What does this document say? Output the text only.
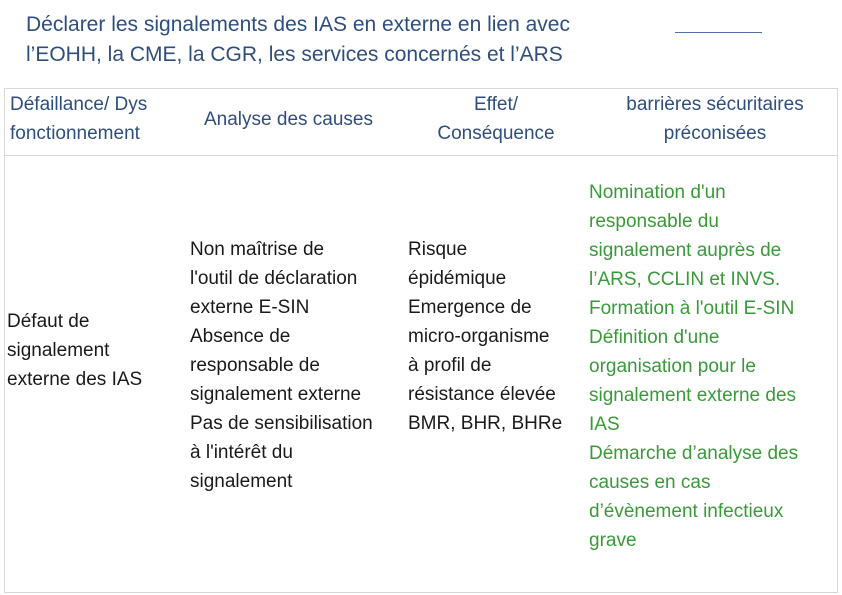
Déclarer les signalements des IAS en externe en lien avec
l’EOHH, la CME, la CGR, les services concernés et l’ARS
Défaillance/ Dys
fonctionnement
Analyse des causes
Effet/
Conséquence
barrières sécuritaires
préconisées
Défaut de
signalement
externe des IAS
Non maîtrise de
l'outil de déclaration
externe E-SIN
Absence de
responsable de
signalement externe
Pas de sensibilisation
à l'intérêt du
signalement
Risque
épidémique
Emergence de
micro-organisme
à profil de
résistance élevée
BMR, BHR, BHRe
Nomination d'un
responsable du
signalement auprès de
l’ARS, CCLIN et INVS.
Formation à l'outil E-SIN
Définition d'une
organisation pour le
signalement externe des
IAS
Démarche d’analyse des
causes en cas
d’évènement infectieux
grave
